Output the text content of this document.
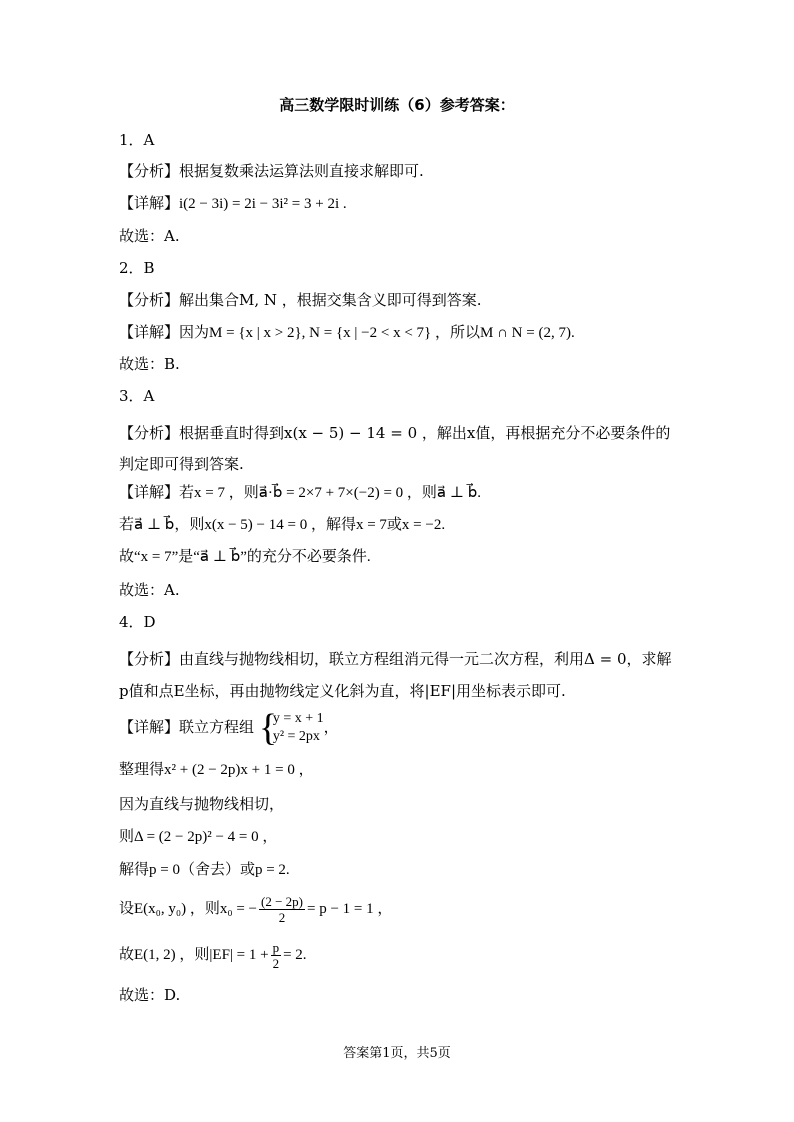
高三数学限时训练（6）参考答案：
1．A
【分析】根据复数乘法运算法则直接求解即可.
【详解】i(2 − 3i) = 2i − 3i² = 3 + 2i .
故选：A.
2．B
【分析】解出集合M, N ，根据交集含义即可得到答案.
【详解】因为M = {x | x > 2}, N = {x | −2 < x < 7} ，所以M ∩ N = (2, 7).
故选：B.
3．A
【分析】根据垂直时得到x(x − 5) − 14 = 0 ，解出x值，再根据充分不必要条件的判定即可得到答案.
【详解】若x = 7 ，则a⃗·b⃗ = 2×7 + 7×(−2) = 0 ，则a⃗ ⊥ b⃗.
若a⃗ ⊥ b⃗，则x(x − 5) − 14 = 0 ，解得x = 7或x = −2.
故“x = 7”是“a⃗ ⊥ b⃗”的充分不必要条件.
故选：A.
4．D
【分析】由直线与抛物线相切，联立方程组消元得一元二次方程，利用Δ = 0，求解p值和点E坐标，再由抛物线定义化斜为直，将|EF|用坐标表示即可.
【详解】联立方程组 {
y = x + 1
y² = 2px
，
整理得x² + (2 − 2p)x + 1 = 0 ，
因为直线与抛物线相切，
则Δ = (2 − 2p)² − 4 = 0 ，
解得p = 0（舍去）或p = 2.
设E(x₀, y₀) ，则x₀ = − $\frac{(2 - 2p)}{2} = p - 1 = 1$ ，
故E(1, 2) ，则$|EF| = 1 + \frac{p}{2} = 2$.
故选：D.
答案第1页，共5页
